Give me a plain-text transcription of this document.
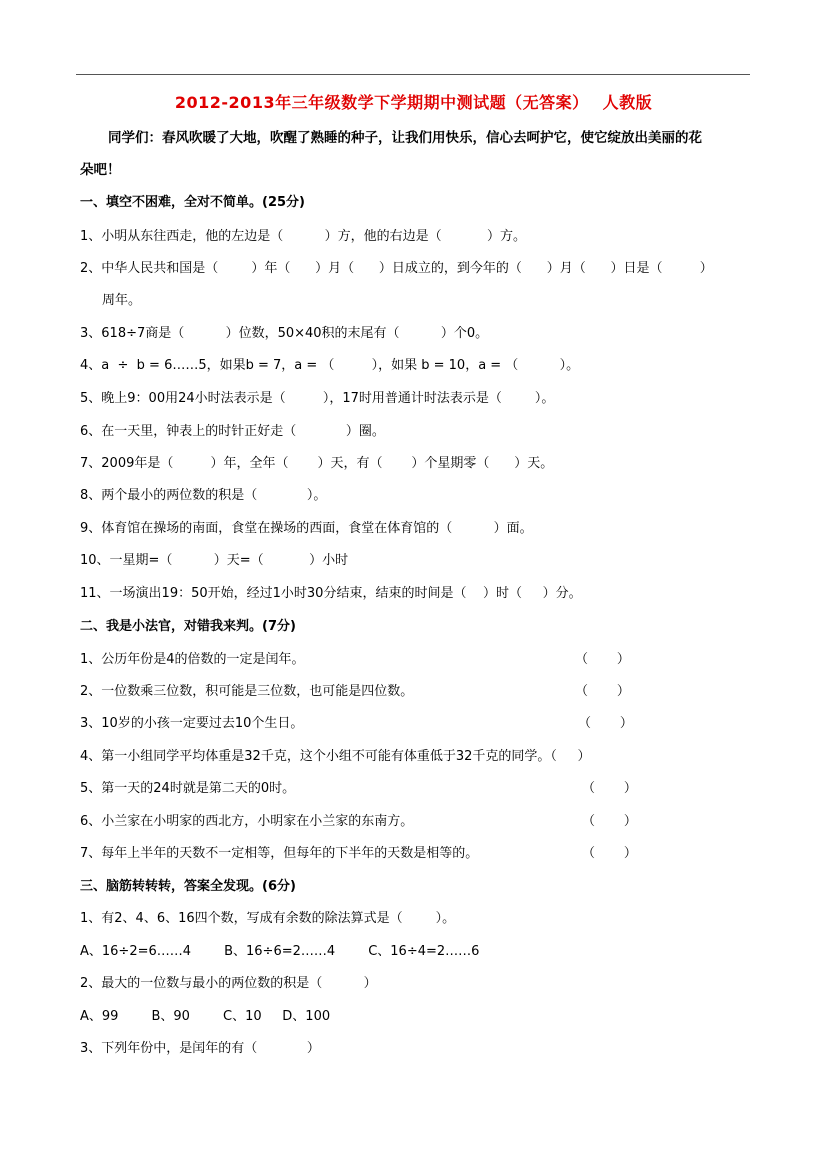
2012-2013年三年级数学下学期期中测试题（无答案） 人教版
同学们：春风吹暖了大地，吹醒了熟睡的种子，让我们用快乐，信心去呵护它，使它绽放出美丽的花
朵吧！
一、填空不困难，全对不简单。(25分)
1、小明从东往西走，他的左边是（          ）方，他的右边是（           ）方。
2、中华人民共和国是（        ）年（      ）月（      ）日成立的，到今年的（      ）月（      ）日是（         ）
周年。
3、618÷7商是（          ）位数，50×40积的末尾有（          ）个0。
4、a  ÷  b = 6……5，如果b = 7，a = （         ），如果 b = 10，a = （          ）。
5、晚上9：00用24小时法表示是（         ），17时用普通计时法表示是（        ）。
6、在一天里，钟表上的时针正好走（            ）圈。
7、2009年是（         ）年，全年（       ）天，有（       ）个星期零（      ）天。
8、两个最小的两位数的积是（            ）。
9、体育馆在操场的南面，食堂在操场的西面，食堂在体育馆的（          ）面。
10、一星期=（          ）天=（           ）小时
11、一场演出19：50开始，经过1小时30分结束，结束的时间是（    ）时（     ）分。
二、我是小法官，对错我来判。(7分)
1、公历年份是4的倍数的一定是闰年。	（       ）
2、一位数乘三位数，积可能是三位数，也可能是四位数。	（       ）
3、10岁的小孩一定要过去10个生日。	（       ）
4、第一小组同学平均体重是32千克，这个小组不可能有体重低于32千克的同学。（     ）
5、第一天的24时就是第二天的0时。	（       ）
6、小兰家在小明家的西北方，小明家在小兰家的东南方。	（       ）
7、每年上半年的天数不一定相等，但每年的下半年的天数是相等的。	（       ）
三、脑筋转转转，答案全发现。(6分)
1、有2、4、6、16四个数，写成有余数的除法算式是（        ）。
A、16÷2=6……4        B、16÷6=2……4        C、16÷4=2……6
2、最大的一位数与最小的两位数的积是（          ）
A、99        B、90        C、10     D、100
3、下列年份中，是闰年的有（            ）
